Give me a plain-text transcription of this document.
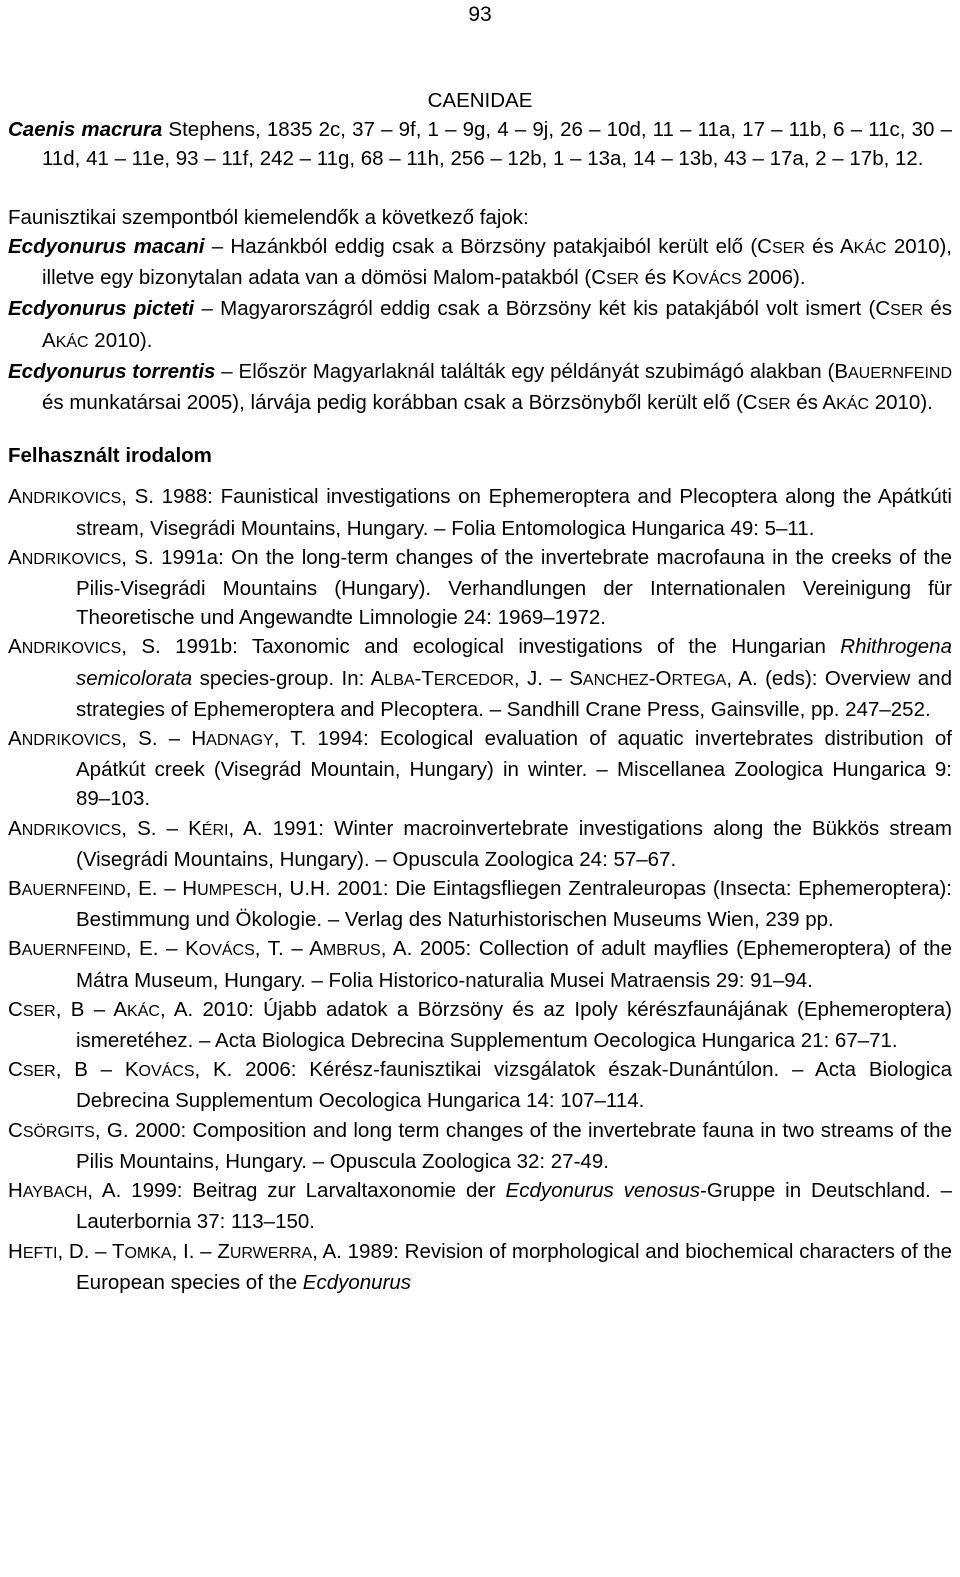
93

CAENIDAE

Caenis macrura Stephens, 1835 2c, 37 – 9f, 1 – 9g, 4 – 9j, 26 – 10d, 11 – 11a, 17 – 11b, 6 – 11c, 30 – 11d, 41 – 11e, 93 – 11f, 242 – 11g, 68 – 11h, 256 – 12b, 1 – 13a, 14 – 13b, 43 – 17a, 2 – 17b, 12.

Faunisztikai szempontból kiemelendők a következő fajok:

Ecdyonurus macani – Hazánkból eddig csak a Börzsöny patakjaiból került elő (CSER és AKÁC 2010), illetve egy bizonytalan adata van a dömösi Malom-patakból (CSER és KOVÁCS 2006).

Ecdyonurus picteti – Magyarországról eddig csak a Börzsöny két kis patakjából volt ismert (CSER és AKÁC 2010).

Ecdyonurus torrentis – Először Magyarlaknál találták egy példányát szubimágó alakban (BAUERNFEIND és munkatársai 2005), lárvája pedig korábban csak a Börzsönyből került elő (CSER és AKÁC 2010).

Felhasznált irodalom

ANDRIKOVICS, S. 1988: Faunistical investigations on Ephemeroptera and Plecoptera along the Apátkúti stream, Visegrádi Mountains, Hungary. – Folia Entomologica Hungarica 49: 5–11.

ANDRIKOVICS, S. 1991a: On the long-term changes of the invertebrate macrofauna in the creeks of the Pilis-Visegrádi Mountains (Hungary). Verhandlungen der Internationalen Vereinigung für Theoretische und Angewandte Limnologie 24: 1969–1972.

ANDRIKOVICS, S. 1991b: Taxonomic and ecological investigations of the Hungarian Rhithrogena semicolorata species-group. In: ALBA-TERCEDOR, J. – SANCHEZ-ORTEGA, A. (eds): Overview and strategies of Ephemeroptera and Plecoptera. – Sandhill Crane Press, Gainsville, pp. 247–252.

ANDRIKOVICS, S. – HADNAGY, T. 1994: Ecological evaluation of aquatic invertebrates distribution of Apátkút creek (Visegrád Mountain, Hungary) in winter. – Miscellanea Zoologica Hungarica 9: 89–103.

ANDRIKOVICS, S. – KÉRI, A. 1991: Winter macroinvertebrate investigations along the Bükkös stream (Visegrádi Mountains, Hungary). – Opuscula Zoologica 24: 57–67.

BAUERNFEIND, E. – HUMPESCH, U.H. 2001: Die Eintagsfliegen Zentraleuropas (Insecta: Ephemeroptera): Bestimmung und Ökologie. – Verlag des Naturhistorischen Museums Wien, 239 pp.

BAUERNFEIND, E. – KOVÁCS, T. – AMBRUS, A. 2005: Collection of adult mayflies (Ephemeroptera) of the Mátra Museum, Hungary. – Folia Historico-naturalia Musei Matraensis 29: 91–94.

CSER, B – AKÁC, A. 2010: Újabb adatok a Börzsöny és az Ipoly kérészfaunájának (Ephemeroptera) ismeretéhez. – Acta Biologica Debrecina Supplementum Oecologica Hungarica 21: 67–71.

CSER, B – KOVÁCS, K. 2006: Kérész-faunisztikai vizsgálatok észak-Dunántúlon. – Acta Biologica Debrecina Supplementum Oecologica Hungarica 14: 107–114.

CSÖRGITS, G. 2000: Composition and long term changes of the invertebrate fauna in two streams of the Pilis Mountains, Hungary. – Opuscula Zoologica 32: 27-49.

HAYBACH, A. 1999: Beitrag zur Larvaltaxonomie der Ecdyonurus venosus-Gruppe in Deutschland. – Lauterbornia 37: 113–150.

HEFTI, D. – TOMKA, I. – ZURWERRA, A. 1989: Revision of morphological and biochemical characters of the European species of the Ecdyonurus
